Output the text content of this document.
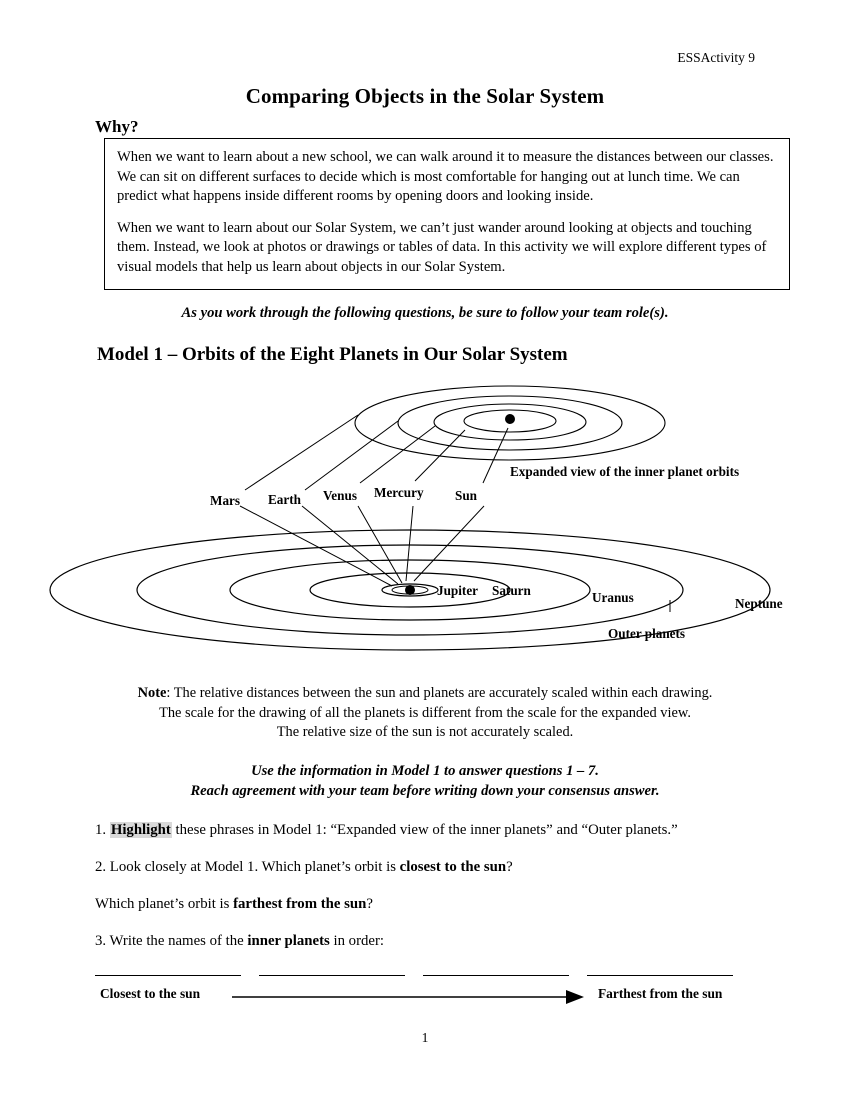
ESSActivity 9
Comparing Objects in the Solar System
Why?

When we want to learn about a new school, we can walk around it to measure the distances between our classes. We can sit on different surfaces to decide which is most comfortable for hanging out at lunch time. We can predict what happens inside different rooms by opening doors and looking inside.

When we want to learn about our Solar System, we can’t just wander around looking at objects and touching them. Instead, we look at photos or drawings or tables of data. In this activity we will explore different types of visual models that help us learn about objects in our Solar System.

As you work through the following questions, be sure to follow your team role(s).
Model 1 – Orbits of the Eight Planets in Our Solar System
Mars Earth Venus Mercury Sun
Expanded view of the inner planet orbits
Jupiter Saturn	Uranus	Neptune
Outer planets
Note: The relative distances between the sun and planets are accurately scaled within each drawing.
The scale for the drawing of all the planets is different from the scale for the expanded view.
The relative size of the sun is not accurately scaled.
Use the information in Model 1 to answer questions 1 – 7.
Reach agreement with your team before writing down your consensus answer.
1. Highlight these phrases in Model 1: “Expanded view of the inner planets” and “Outer planets.”
2. Look closely at Model 1. Which planet’s orbit is closest to the sun?
Which planet’s orbit is farthest from the sun?
3. Write the names of the inner planets in order:
Closest to the sun	Farthest from the sun
1
